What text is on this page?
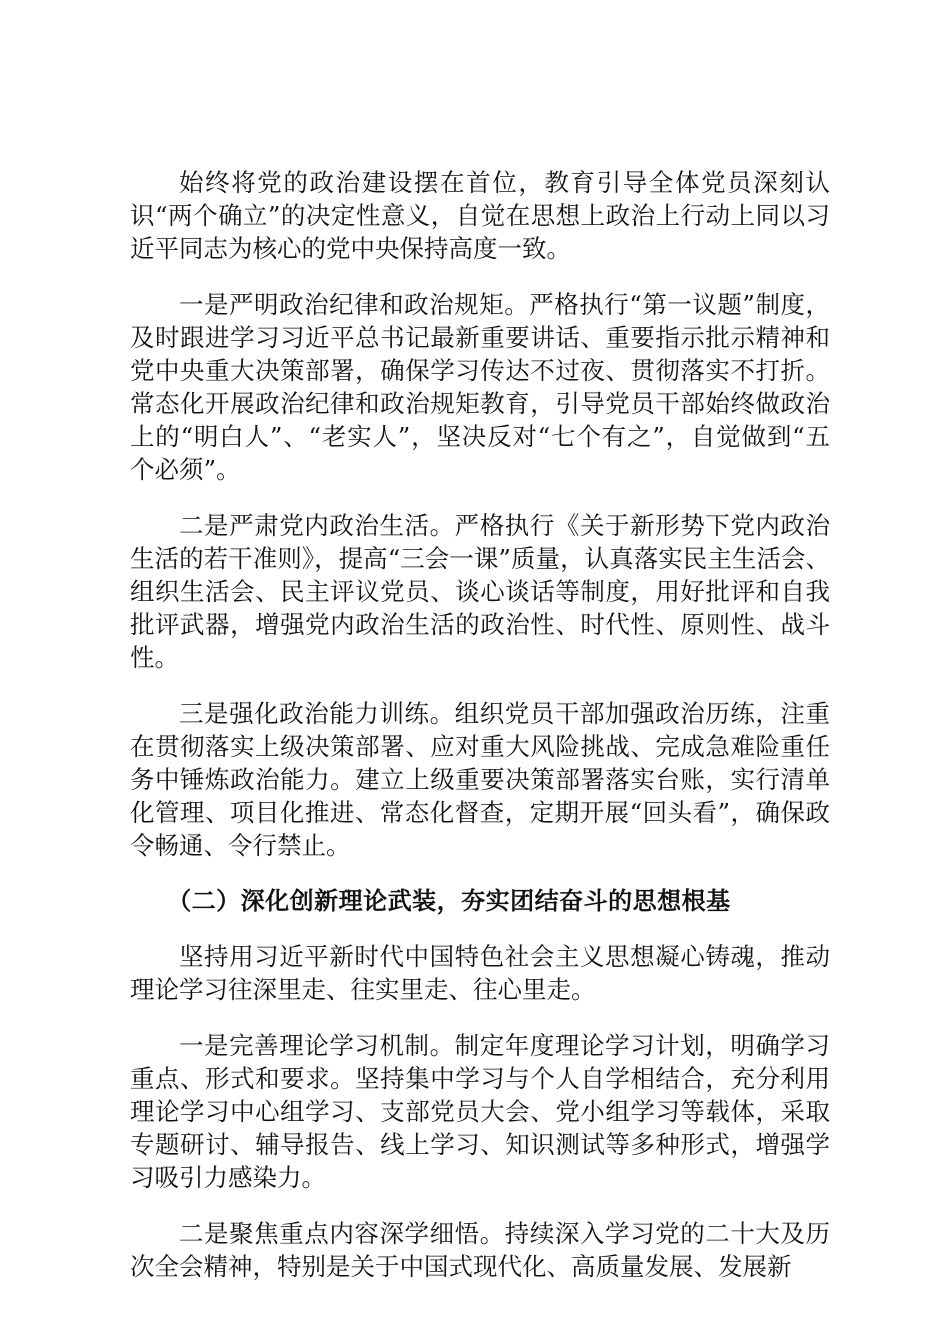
始终将党的政治建设摆在首位，教育引导全体党员深刻认识“两个确立”的决定性意义，自觉在思想上政治上行动上同以习近平同志为核心的党中央保持高度一致。

一是严明政治纪律和政治规矩。严格执行“第一议题”制度，及时跟进学习习近平总书记最新重要讲话、重要指示批示精神和党中央重大决策部署，确保学习传达不过夜、贯彻落实不打折。常态化开展政治纪律和政治规矩教育，引导党员干部始终做政治上的“明白人”、“老实人”，坚决反对“七个有之”，自觉做到“五个必须”。

二是严肃党内政治生活。严格执行《关于新形势下党内政治生活的若干准则》，提高“三会一课”质量，认真落实民主生活会、组织生活会、民主评议党员、谈心谈话等制度，用好批评和自我批评武器，增强党内政治生活的政治性、时代性、原则性、战斗性。

三是强化政治能力训练。组织党员干部加强政治历练，注重在贯彻落实上级决策部署、应对重大风险挑战、完成急难险重任务中锤炼政治能力。建立上级重要决策部署落实台账，实行清单化管理、项目化推进、常态化督查，定期开展“回头看”，确保政令畅通、令行禁止。

（二）深化创新理论武装，夯实团结奋斗的思想根基

坚持用习近平新时代中国特色社会主义思想凝心铸魂，推动理论学习往深里走、往实里走、往心里走。

一是完善理论学习机制。制定年度理论学习计划，明确学习重点、形式和要求。坚持集中学习与个人自学相结合，充分利用理论学习中心组学习、支部党员大会、党小组学习等载体，采取专题研讨、辅导报告、线上学习、知识测试等多种形式，增强学习吸引力感染力。

二是聚焦重点内容深学细悟。持续深入学习党的二十大及历次全会精神，特别是关于中国式现代化、高质量发展、发展新
